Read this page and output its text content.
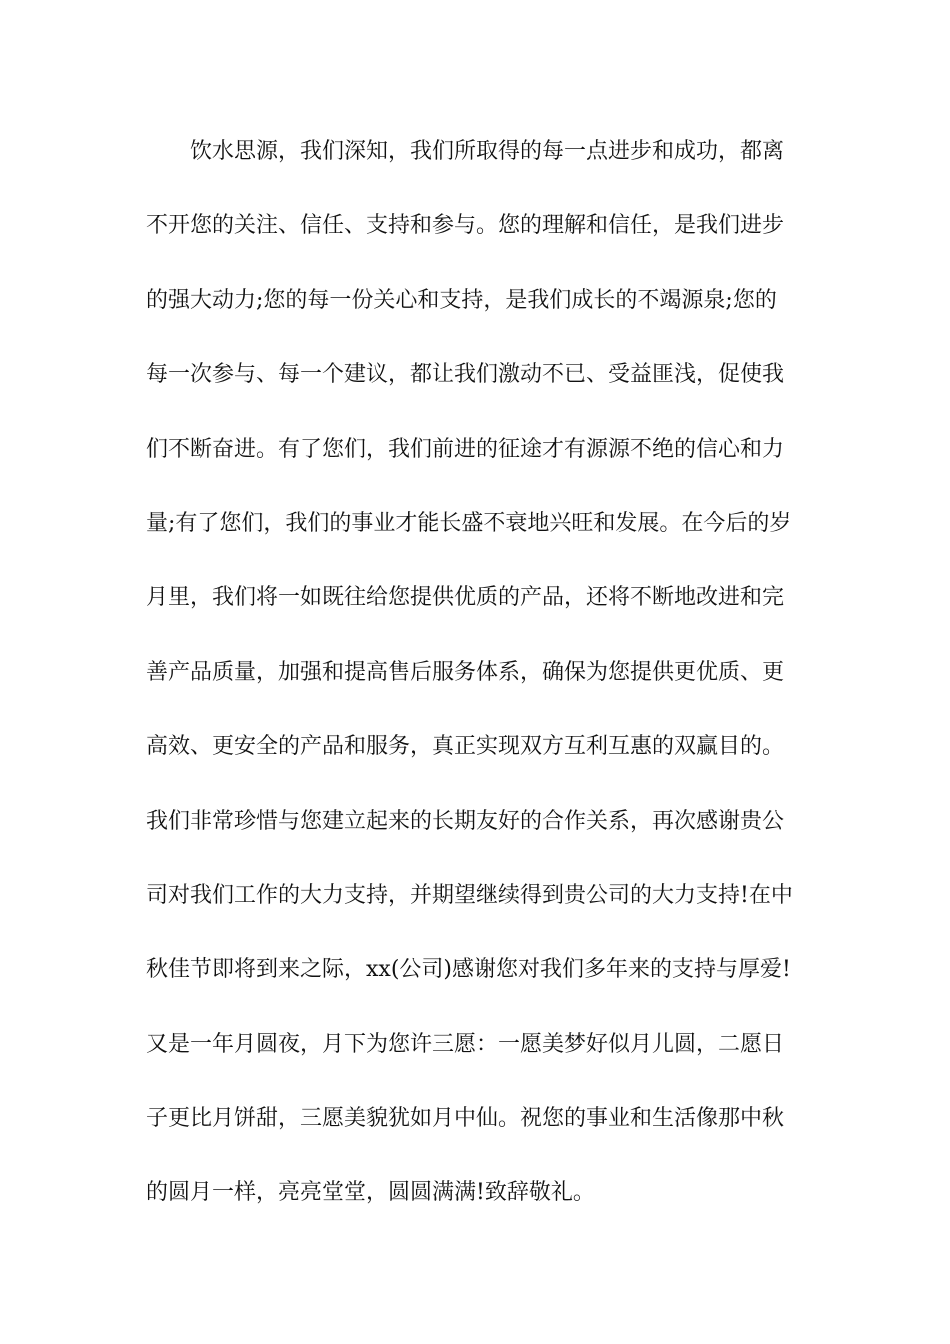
饮水思源，我们深知，我们所取得的每一点进步和成功，都离
不开您的关注、信任、支持和参与。您的理解和信任，是我们进步
的强大动力;您的每一份关心和支持，是我们成长的不竭源泉;您的
每一次参与、每一个建议，都让我们激动不已、受益匪浅，促使我
们不断奋进。有了您们，我们前进的征途才有源源不绝的信心和力
量;有了您们，我们的事业才能长盛不衰地兴旺和发展。在今后的岁
月里，我们将一如既往给您提供优质的产品，还将不断地改进和完
善产品质量，加强和提高售后服务体系，确保为您提供更优质、更
高效、更安全的产品和服务，真正实现双方互利互惠的双赢目的。
我们非常珍惜与您建立起来的长期友好的合作关系，再次感谢贵公
司对我们工作的大力支持，并期望继续得到贵公司的大力支持!在中
秋佳节即将到来之际，xx(公司)感谢您对我们多年来的支持与厚爱!
又是一年月圆夜，月下为您许三愿：一愿美梦好似月儿圆，二愿日
子更比月饼甜，三愿美貌犹如月中仙。祝您的事业和生活像那中秋
的圆月一样，亮亮堂堂，圆圆满满!致辞敬礼。
